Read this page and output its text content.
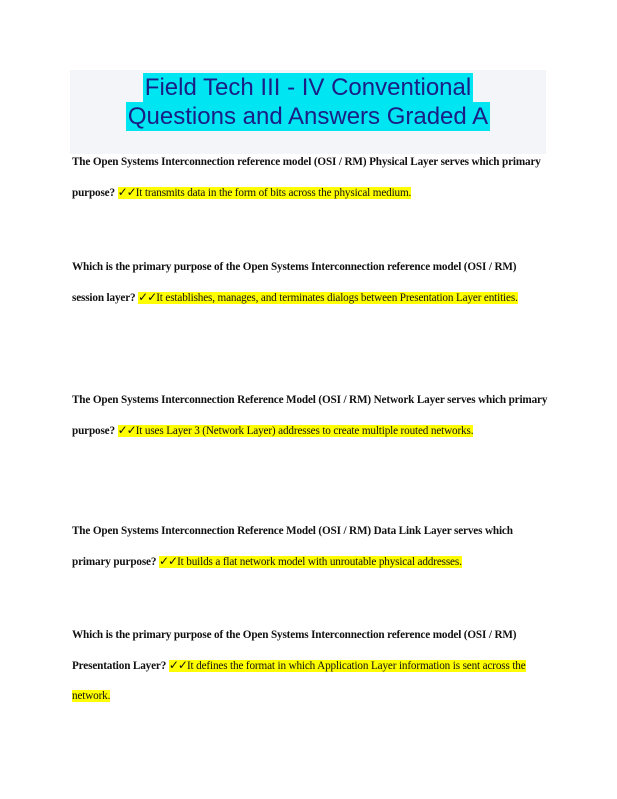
Field Tech III - IV Conventional
Questions and Answers Graded A
The Open Systems Interconnection reference model (OSI / RM) Physical Layer serves which primary purpose? ✓✓It transmits data in the form of bits across the physical medium.
Which is the primary purpose of the Open Systems Interconnection reference model (OSI / RM) session layer? ✓✓It establishes, manages, and terminates dialogs between Presentation Layer entities.
The Open Systems Interconnection Reference Model (OSI / RM) Network Layer serves which primary purpose? ✓✓It uses Layer 3 (Network Layer) addresses to create multiple routed networks.
The Open Systems Interconnection Reference Model (OSI / RM) Data Link Layer serves which primary purpose? ✓✓It builds a flat network model with unroutable physical addresses.
Which is the primary purpose of the Open Systems Interconnection reference model (OSI / RM) Presentation Layer? ✓✓It defines the format in which Application Layer information is sent across the network.
